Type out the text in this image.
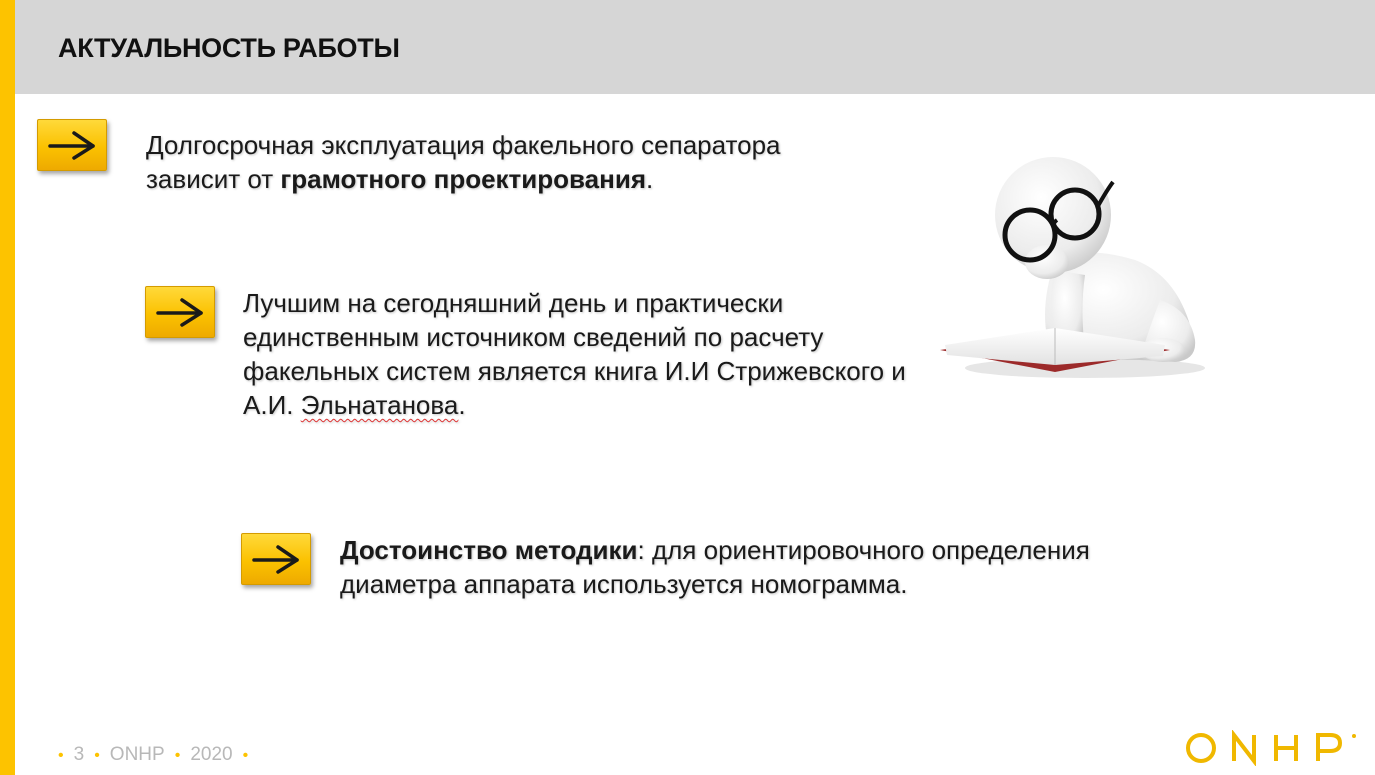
АКТУАЛЬНОСТЬ РАБОТЫ
Долгосрочная эксплуатация факельного сепаратора
зависит от грамотного проектирования.
Лучшим на сегодняшний день и практически
единственным источником сведений по расчету
факельных систем является книга И.И Стрижевского и
А.И. Эльнатанова.
Достоинство методики: для ориентировочного определения
диаметра аппарата используется номограмма.
• 3 • ONHP • 2020 •
